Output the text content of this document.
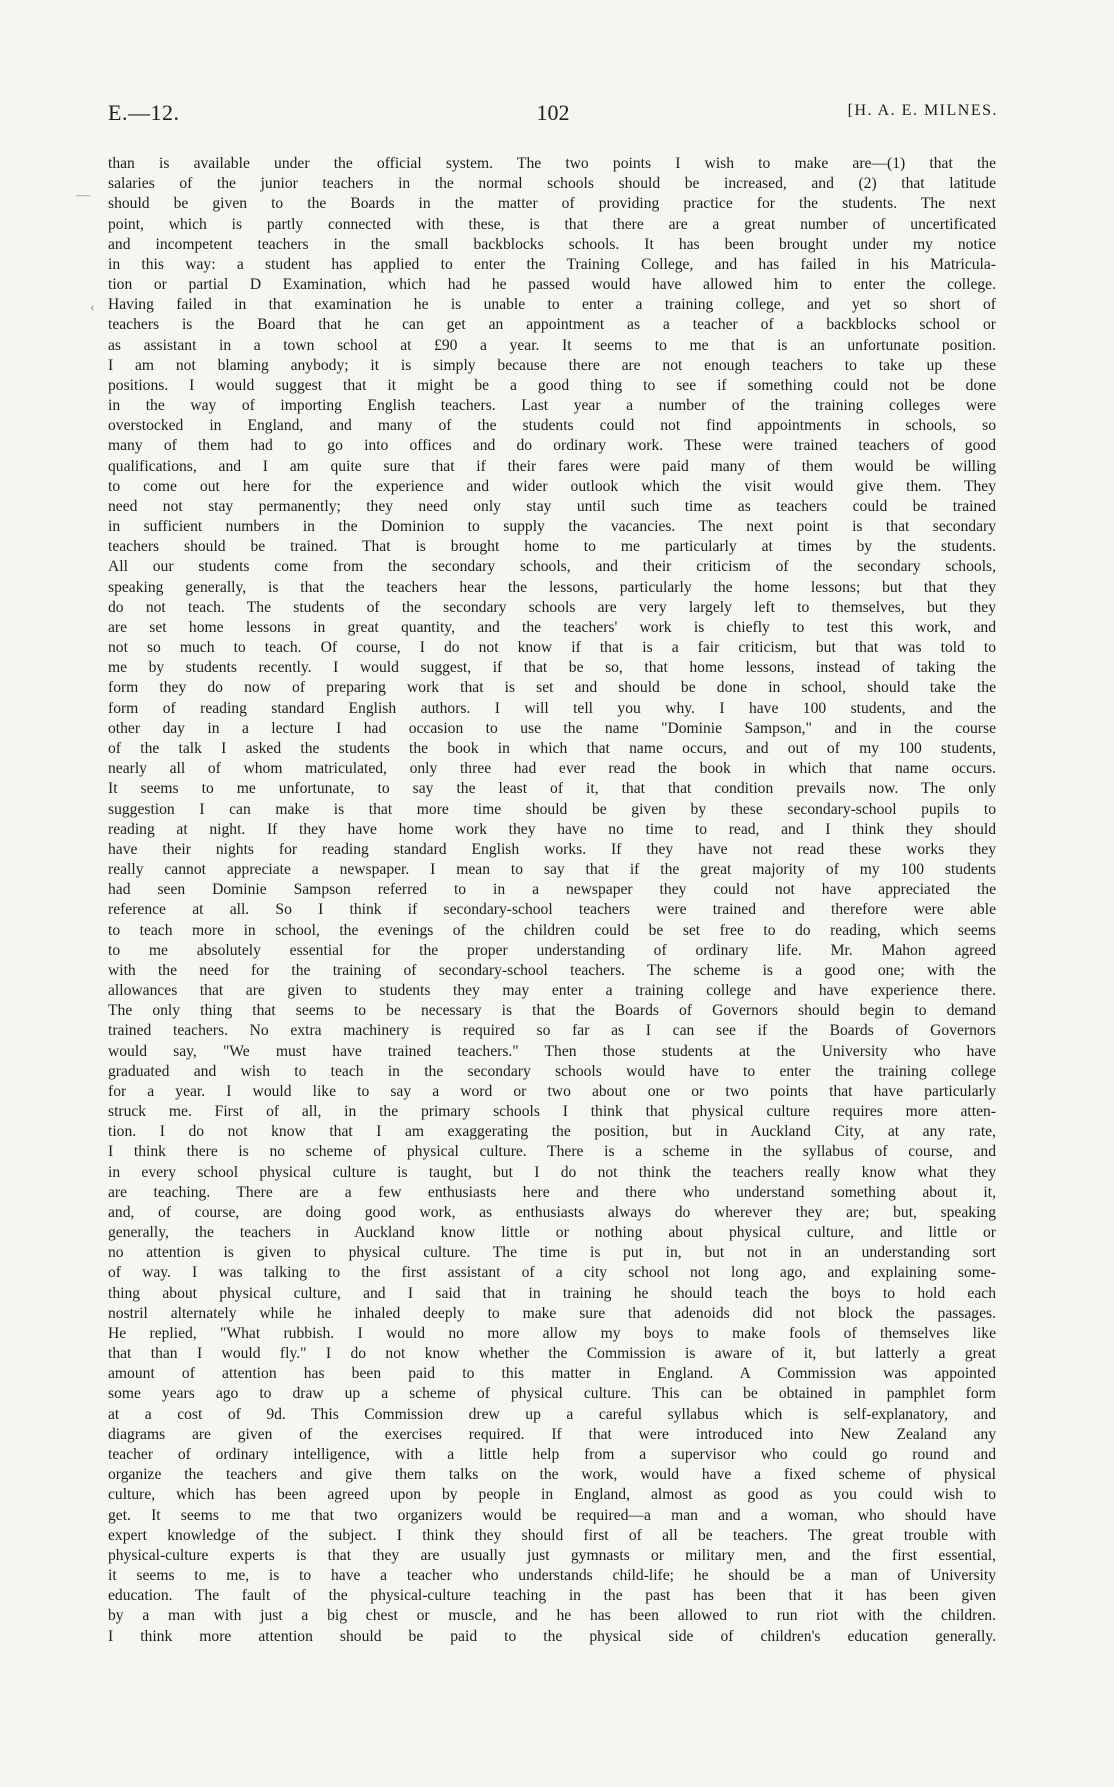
E.—12.	102	[H. A. E. MILNES.
—
‹
than is available under the official system. The two points I wish to make are—(1) that the
salaries of the junior teachers in the normal schools should be increased, and (2) that latitude
should be given to the Boards in the matter of providing practice for the students. The next
point, which is partly connected with these, is that there are a great number of uncertificated
and incompetent teachers in the small backblocks schools. It has been brought under my notice
in this way: a student has applied to enter the Training College, and has failed in his Matricula-
tion or partial D Examination, which had he passed would have allowed him to enter the college.
Having failed in that examination he is unable to enter a training college, and yet so short of
teachers is the Board that he can get an appointment as a teacher of a backblocks school or
as assistant in a town school at £90 a year. It seems to me that is an unfortunate position.
I am not blaming anybody; it is simply because there are not enough teachers to take up these
positions. I would suggest that it might be a good thing to see if something could not be done
in the way of importing English teachers. Last year a number of the training colleges were
overstocked in England, and many of the students could not find appointments in schools, so
many of them had to go into offices and do ordinary work. These were trained teachers of good
qualifications, and I am quite sure that if their fares were paid many of them would be willing
to come out here for the experience and wider outlook which the visit would give them. They
need not stay permanently; they need only stay until such time as teachers could be trained
in sufficient numbers in the Dominion to supply the vacancies. The next point is that secondary
teachers should be trained. That is brought home to me particularly at times by the students.
All our students come from the secondary schools, and their criticism of the secondary schools,
speaking generally, is that the teachers hear the lessons, particularly the home lessons; but that they
do not teach. The students of the secondary schools are very largely left to themselves, but they
are set home lessons in great quantity, and the teachers' work is chiefly to test this work, and
not so much to teach. Of course, I do not know if that is a fair criticism, but that was told to
me by students recently. I would suggest, if that be so, that home lessons, instead of taking the
form they do now of preparing work that is set and should be done in school, should take the
form of reading standard English authors. I will tell you why. I have 100 students, and the
other day in a lecture I had occasion to use the name "Dominie Sampson," and in the course
of the talk I asked the students the book in which that name occurs, and out of my 100 students,
nearly all of whom matriculated, only three had ever read the book in which that name occurs.
It seems to me unfortunate, to say the least of it, that that condition prevails now. The only
suggestion I can make is that more time should be given by these secondary-school pupils to
reading at night. If they have home work they have no time to read, and I think they should
have their nights for reading standard English works. If they have not read these works they
really cannot appreciate a newspaper. I mean to say that if the great majority of my 100 students
had seen Dominie Sampson referred to in a newspaper they could not have appreciated the
reference at all. So I think if secondary-school teachers were trained and therefore were able
to teach more in school, the evenings of the children could be set free to do reading, which seems
to me absolutely essential for the proper understanding of ordinary life. Mr. Mahon agreed
with the need for the training of secondary-school teachers. The scheme is a good one; with the
allowances that are given to students they may enter a training college and have experience there.
The only thing that seems to be necessary is that the Boards of Governors should begin to demand
trained teachers. No extra machinery is required so far as I can see if the Boards of Governors
would say, "We must have trained teachers." Then those students at the University who have
graduated and wish to teach in the secondary schools would have to enter the training college
for a year. I would like to say a word or two about one or two points that have particularly
struck me. First of all, in the primary schools I think that physical culture requires more atten-
tion. I do not know that I am exaggerating the position, but in Auckland City, at any rate,
I think there is no scheme of physical culture. There is a scheme in the syllabus of course, and
in every school physical culture is taught, but I do not think the teachers really know what they
are teaching. There are a few enthusiasts here and there who understand something about it,
and, of course, are doing good work, as enthusiasts always do wherever they are; but, speaking
generally, the teachers in Auckland know little or nothing about physical culture, and little or
no attention is given to physical culture. The time is put in, but not in an understanding sort
of way. I was talking to the first assistant of a city school not long ago, and explaining some-
thing about physical culture, and I said that in training he should teach the boys to hold each
nostril alternately while he inhaled deeply to make sure that adenoids did not block the passages.
He replied, "What rubbish. I would no more allow my boys to make fools of themselves like
that than I would fly." I do not know whether the Commission is aware of it, but latterly a great
amount of attention has been paid to this matter in England. A Commission was appointed
some years ago to draw up a scheme of physical culture. This can be obtained in pamphlet form
at a cost of 9d. This Commission drew up a careful syllabus which is self-explanatory, and
diagrams are given of the exercises required. If that were introduced into New Zealand any
teacher of ordinary intelligence, with a little help from a supervisor who could go round and
organize the teachers and give them talks on the work, would have a fixed scheme of physical
culture, which has been agreed upon by people in England, almost as good as you could wish to
get. It seems to me that two organizers would be required—a man and a woman, who should have
expert knowledge of the subject. I think they should first of all be teachers. The great trouble with
physical-culture experts is that they are usually just gymnasts or military men, and the first essential,
it seems to me, is to have a teacher who understands child-life; he should be a man of University
education. The fault of the physical-culture teaching in the past has been that it has been given
by a man with just a big chest or muscle, and he has been allowed to run riot with the children.
I think more attention should be paid to the physical side of children's education generally.
